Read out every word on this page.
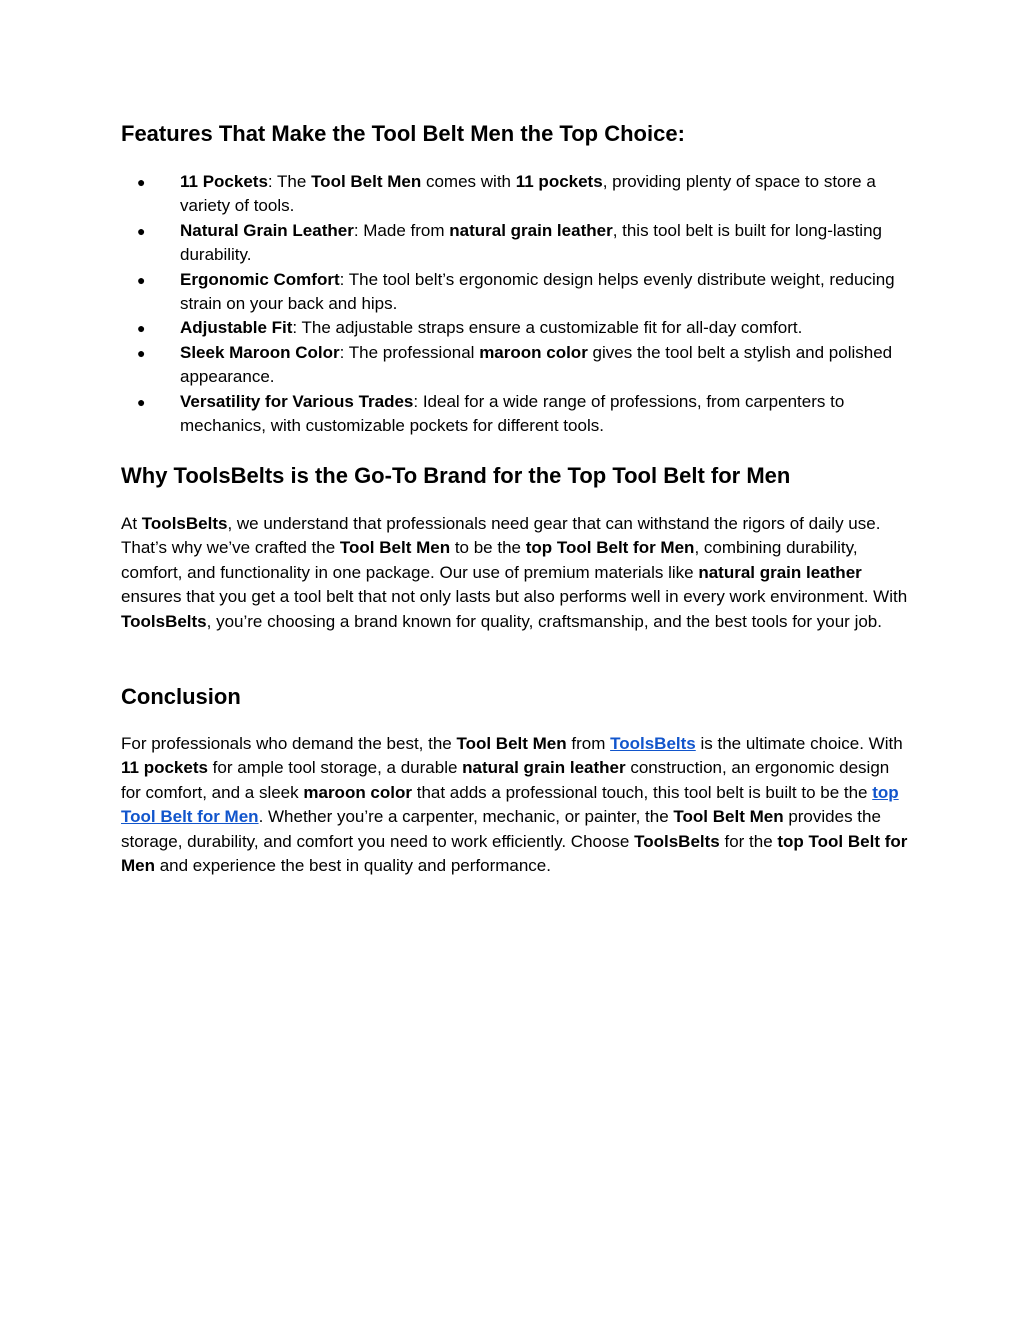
Features That Make the Tool Belt Men the Top Choice:
● 11 Pockets: The Tool Belt Men comes with 11 pockets, providing plenty of space to store a variety of tools.
● Natural Grain Leather: Made from natural grain leather, this tool belt is built for long-lasting durability.
● Ergonomic Comfort: The tool belt’s ergonomic design helps evenly distribute weight, reducing strain on your back and hips.
● Adjustable Fit: The adjustable straps ensure a customizable fit for all-day comfort.
● Sleek Maroon Color: The professional maroon color gives the tool belt a stylish and polished appearance.
● Versatility for Various Trades: Ideal for a wide range of professions, from carpenters to mechanics, with customizable pockets for different tools.
Why ToolsBelts is the Go-To Brand for the Top Tool Belt for Men

At ToolsBelts, we understand that professionals need gear that can withstand the rigors of daily use. That’s why we’ve crafted the Tool Belt Men to be the top Tool Belt for Men, combining durability, comfort, and functionality in one package. Our use of premium materials like natural grain leather ensures that you get a tool belt that not only lasts but also performs well in every work environment. With ToolsBelts, you’re choosing a brand known for quality, craftsmanship, and the best tools for your job.

Conclusion

For professionals who demand the best, the Tool Belt Men from ToolsBelts is the ultimate choice. With 11 pockets for ample tool storage, a durable natural grain leather construction, an ergonomic design for comfort, and a sleek maroon color that adds a professional touch, this tool belt is built to be the top Tool Belt for Men. Whether you’re a carpenter, mechanic, or painter, the Tool Belt Men provides the storage, durability, and comfort you need to work efficiently. Choose ToolsBelts for the top Tool Belt for Men and experience the best in quality and performance.
